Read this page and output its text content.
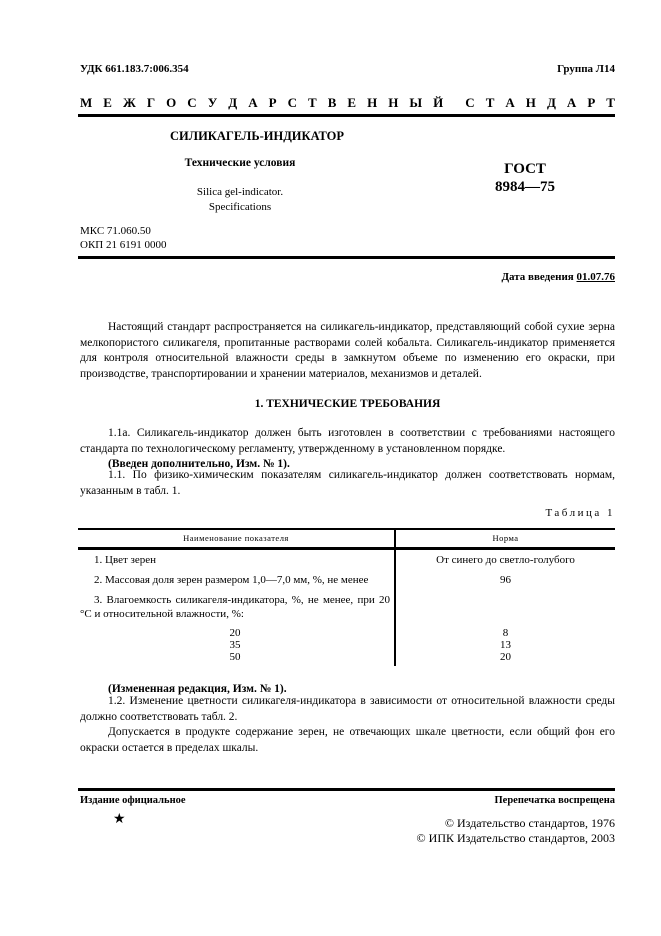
УДК 661.183.7:006.354	Группа Л14
М Е Ж Г О С У Д А Р С Т В Е Н Н Ы Й С Т А Н Д А Р Т
СИЛИКАГЕЛЬ-ИНДИКАТОР
Технические условия
Silica gel-indicator.
Specifications
ГОСТ
8984—75
МКС 71.060.50
ОКП 21 6191 0000
Дата введения 01.07.76
Настоящий стандарт распространяется на силикагель-индикатор, представляющий собой сухие зерна мелкопористого силикагеля, пропитанные растворами солей кобальта. Силикагель-индикатор применяется для контроля относительной влажности среды в замкнутом объеме по изменению его окраски, при производстве, транспортировании и хранении материалов, механизмов и деталей.
1. ТЕХНИЧЕСКИЕ ТРЕБОВАНИЯ
1.1а. Силикагель-индикатор должен быть изготовлен в соответствии с требованиями настоящего стандарта по технологическому регламенту, утвержденному в установленном порядке.
(Введен дополнительно, Изм. № 1).
1.1. По физико-химическим показателям силикагель-индикатор должен соответствовать нормам, указанным в табл. 1.
Таблица 1
Наименование показателя	Норма
1. Цвет зерен	От синего до светло-голубого
2. Массовая доля зерен размером 1,0—7,0 мм, %, не менее	96
3. Влагоемкость силикагеля-индикатора, %, не менее, при 20 °С и относительной влажности, %:
20	8
35	13
50	20
(Измененная редакция, Изм. № 1).
1.2. Изменение цветности силикагеля-индикатора в зависимости от относительной влажности среды должно соответствовать табл. 2.
Допускается в продукте содержание зерен, не отвечающих шкале цветности, если общий фон его окраски остается в пределах шкалы.
Издание официальное	Перепечатка воспрещена
★	© Издательство стандартов, 1976
© ИПК Издательство стандартов, 2003
